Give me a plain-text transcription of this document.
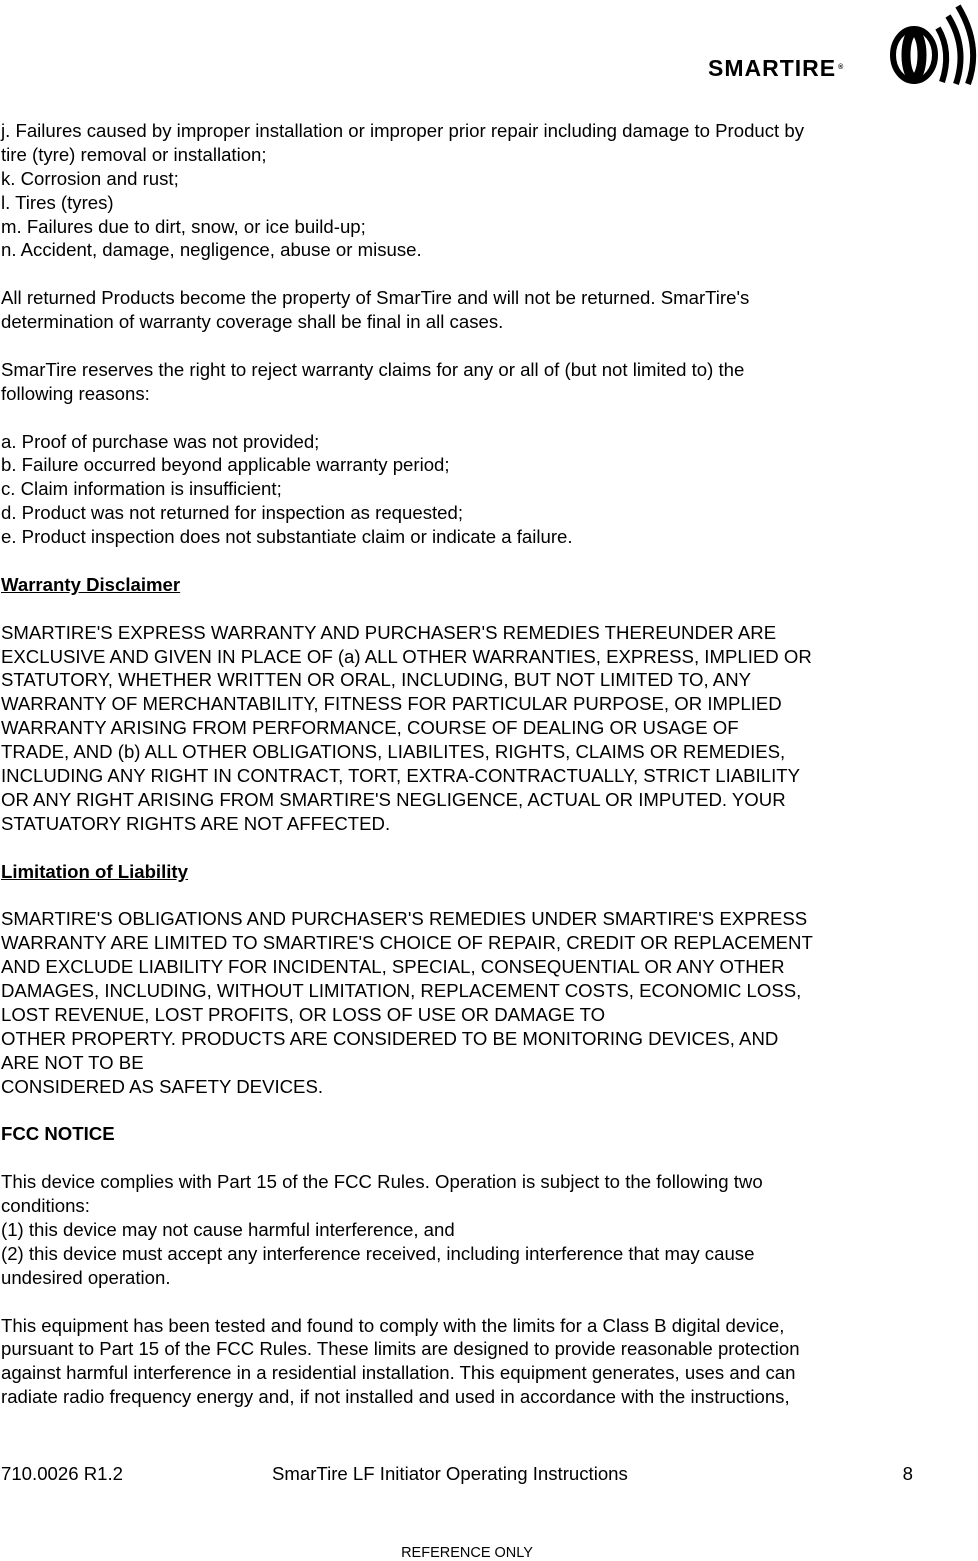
SMARTIRE ®
j. Failures caused by improper installation or improper prior repair including damage to Product by
tire (tyre) removal or installation;
k. Corrosion and rust;
l. Tires (tyres)
m. Failures due to dirt, snow, or ice build-up;
n. Accident, damage, negligence, abuse or misuse.
All returned Products become the property of SmarTire and will not be returned. SmarTire's
determination of warranty coverage shall be final in all cases.
SmarTire reserves the right to reject warranty claims for any or all of (but not limited to) the
following reasons:
a. Proof of purchase was not provided;
b. Failure occurred beyond applicable warranty period;
c. Claim information is insufficient;
d. Product was not returned for inspection as requested;
e. Product inspection does not substantiate claim or indicate a failure.
Warranty Disclaimer
SMARTIRE'S EXPRESS WARRANTY AND PURCHASER'S REMEDIES THEREUNDER ARE
EXCLUSIVE AND GIVEN IN PLACE OF (a) ALL OTHER WARRANTIES, EXPRESS, IMPLIED OR
STATUTORY, WHETHER WRITTEN OR ORAL, INCLUDING, BUT NOT LIMITED TO, ANY
WARRANTY OF MERCHANTABILITY, FITNESS FOR PARTICULAR PURPOSE, OR IMPLIED
WARRANTY ARISING FROM PERFORMANCE, COURSE OF DEALING OR USAGE OF
TRADE, AND (b) ALL OTHER OBLIGATIONS, LIABILITES, RIGHTS, CLAIMS OR REMEDIES,
INCLUDING ANY RIGHT IN CONTRACT, TORT, EXTRA-CONTRACTUALLY, STRICT LIABILITY
OR ANY RIGHT ARISING FROM SMARTIRE'S NEGLIGENCE, ACTUAL OR IMPUTED. YOUR
STATUATORY RIGHTS ARE NOT AFFECTED.
Limitation of Liability
SMARTIRE'S OBLIGATIONS AND PURCHASER'S REMEDIES UNDER SMARTIRE'S EXPRESS
WARRANTY ARE LIMITED TO SMARTIRE'S CHOICE OF REPAIR, CREDIT OR REPLACEMENT
AND EXCLUDE LIABILITY FOR INCIDENTAL, SPECIAL, CONSEQUENTIAL OR ANY OTHER
DAMAGES, INCLUDING, WITHOUT LIMITATION, REPLACEMENT COSTS, ECONOMIC LOSS,
LOST REVENUE, LOST PROFITS, OR LOSS OF USE OR DAMAGE TO
OTHER PROPERTY. PRODUCTS ARE CONSIDERED TO BE MONITORING DEVICES, AND
ARE NOT TO BE
CONSIDERED AS SAFETY DEVICES.
FCC NOTICE
This device complies with Part 15 of the FCC Rules. Operation is subject to the following two
conditions:
(1) this device may not cause harmful interference, and
(2) this device must accept any interference received, including interference that may cause
undesired operation.
This equipment has been tested and found to comply with the limits for a Class B digital device,
pursuant to Part 15 of the FCC Rules. These limits are designed to provide reasonable protection
against harmful interference in a residential installation. This equipment generates, uses and can
radiate radio frequency energy and, if not installed and used in accordance with the instructions,
710.0026 R1.2	SmarTire LF Initiator Operating Instructions	8
REFERENCE ONLY
